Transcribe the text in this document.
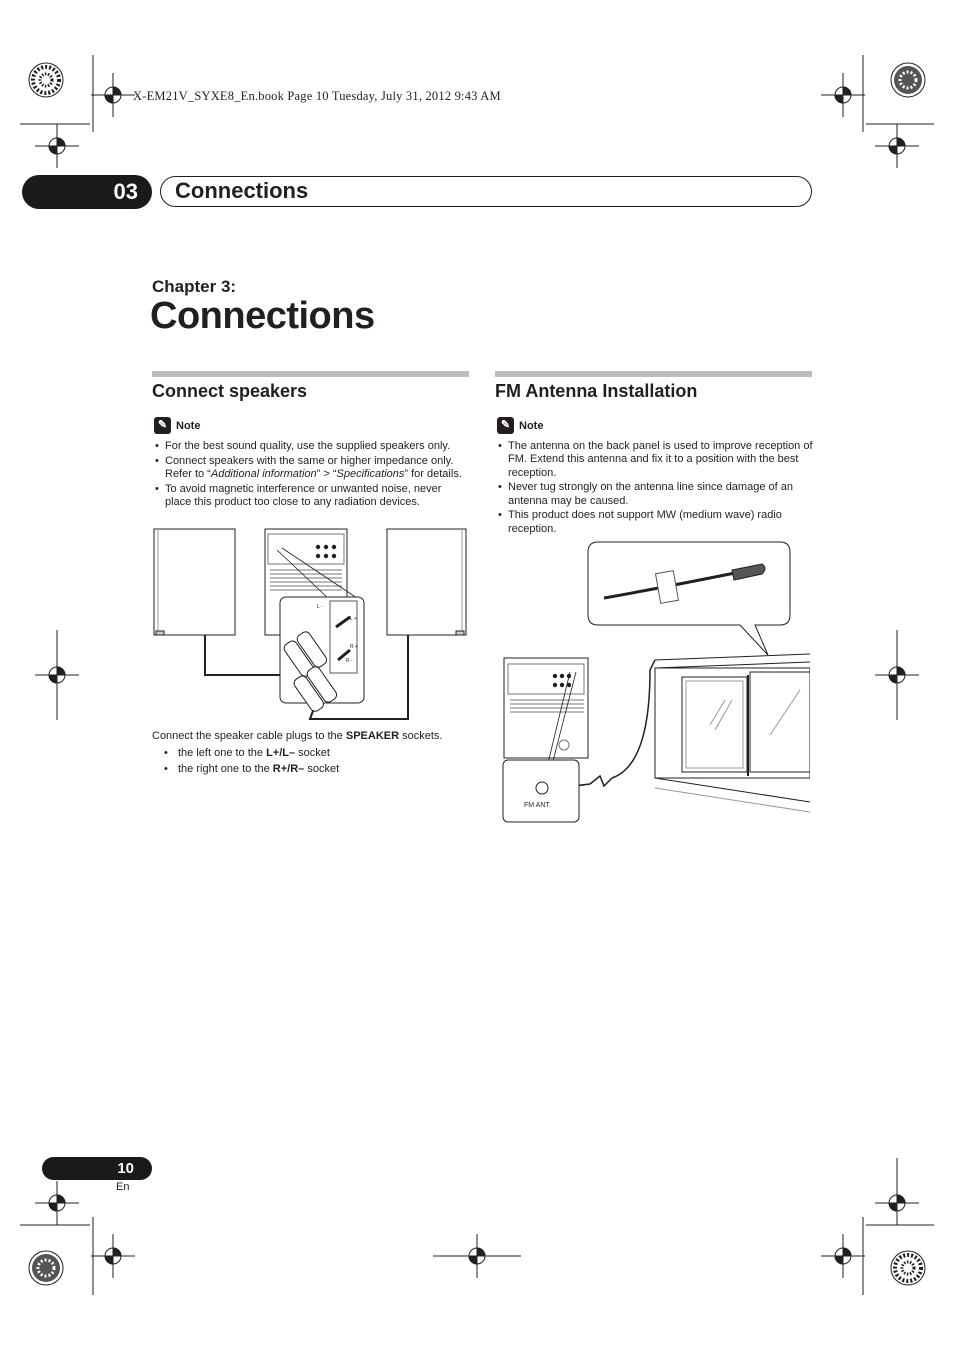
X-EM21V_SYXE8_En.book Page 10 Tuesday, July 31, 2012 9:43 AM
03	Connections
Chapter 3:
Connections
Connect speakers
✎ Note
• For the best sound quality, use the supplied speakers only.
• Connect speakers with the same or higher impedance only. Refer to “Additional information” > “Specifications” for details.
• To avoid magnetic interference or unwanted noise, never place this product too close to any radiation devices.
L -
L +
R +
R -
Connect the speaker cable plugs to the SPEAKER sockets.
• the left one to the L+/L– socket
• the right one to the R+/R– socket
FM Antenna Installation
✎ Note
• The antenna on the back panel is used to improve reception of FM. Extend this antenna and fix it to a position with the best reception.
• Never tug strongly on the antenna line since damage of an antenna may be caused.
• This product does not support MW (medium wave) radio reception.
FM ANT.
10
En
